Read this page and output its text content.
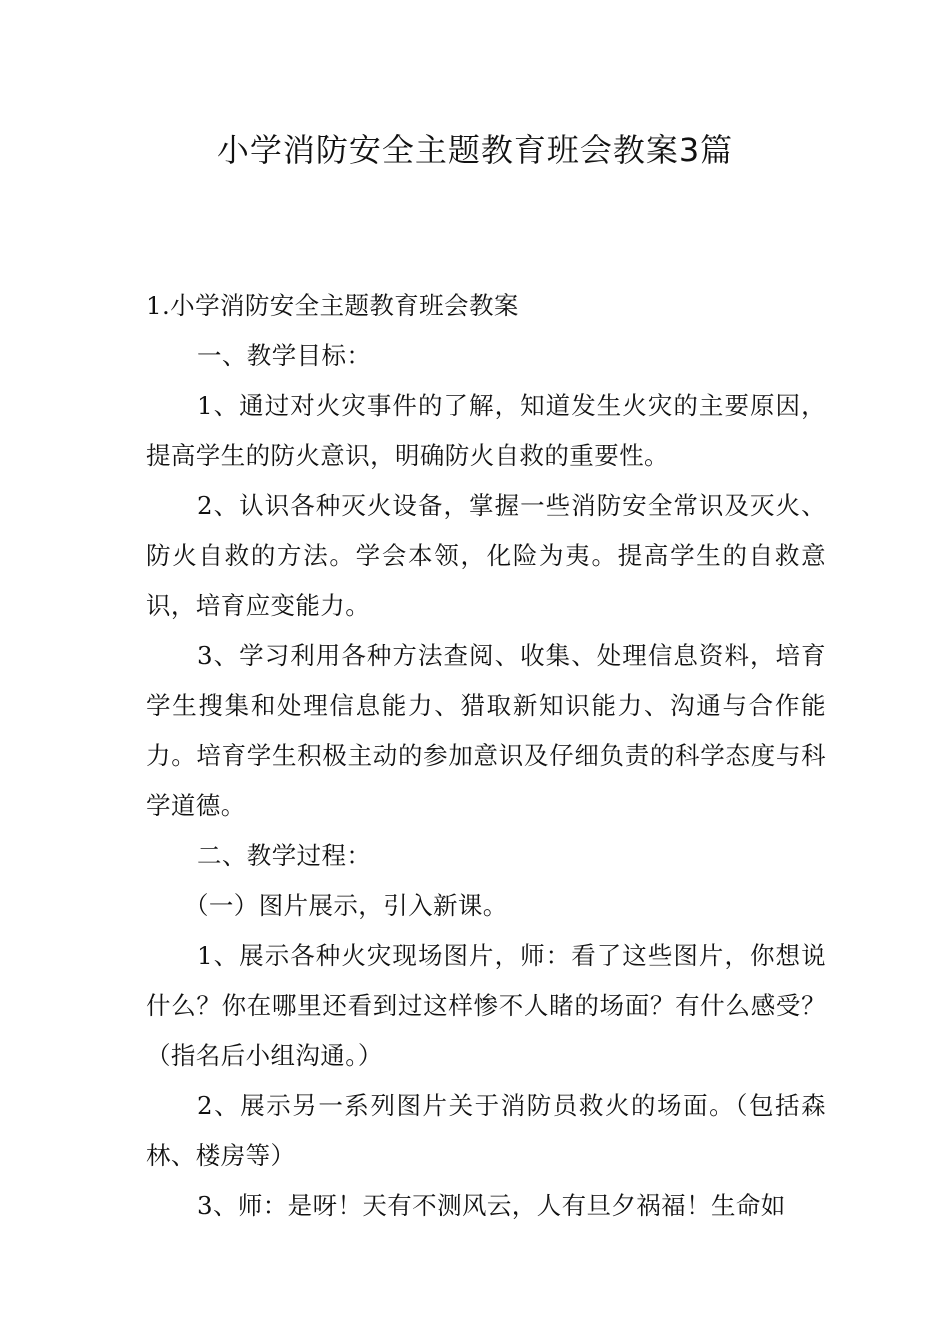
小学消防安全主题教育班会教案3篇

1.小学消防安全主题教育班会教案

一、教学目标：

1、通过对火灾事件的了解，知道发生火灾的主要原因，提高学生的防火意识，明确防火自救的重要性。

2、认识各种灭火设备，掌握一些消防安全常识及灭火、防火自救的方法。学会本领，化险为夷。提高学生的自救意识，培育应变能力。

3、学习利用各种方法查阅、收集、处理信息资料，培育学生搜集和处理信息能力、猎取新知识能力、沟通与合作能力。培育学生积极主动的参加意识及仔细负责的科学态度与科学道德。

二、教学过程：

（一）图片展示，引入新课。

1、展示各种火灾现场图片，师：看了这些图片，你想说什么？你在哪里还看到过这样惨不人睹的场面？有什么感受？（指名后小组沟通。）

2、展示另一系列图片关于消防员救火的场面。（包括森林、楼房等）

3、师：是呀！天有不测风云，人有旦夕祸福！生命如
